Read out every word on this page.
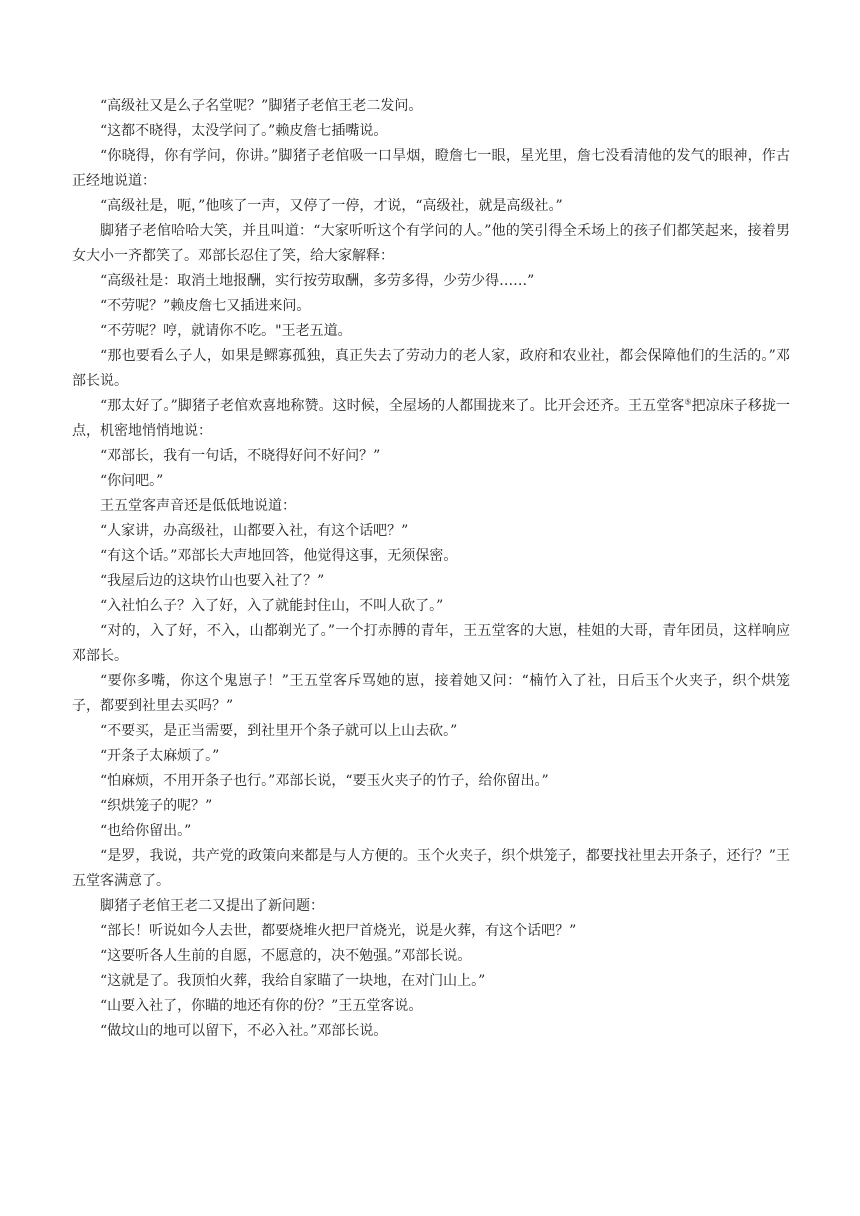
“高级社又是么子名堂呢？”脚猪子老倌王老二发问。

“这都不晓得，太没学问了。”赖皮詹七插嘴说。

“你晓得，你有学问，你讲。”脚猪子老倌吸一口旱烟，瞪詹七一眼，星光里，詹七没看清他的发气的眼神，作古正经地说道：

“高级社是，呃，”他咳了一声，又停了一停，才说，“高级社，就是高级社。”

脚猪子老倌哈哈大笑，并且叫道：“大家听听这个有学问的人。”他的笑引得全禾场上的孩子们都笑起来，接着男女大小一齐都笑了。邓部长忍住了笑，给大家解释：

“高级社是：取消土地报酬，实行按劳取酬，多劳多得，少劳少得……”

“不劳呢？”赖皮詹七又插进来问。

“不劳呢？哼，就请你不吃。"王老五道。

“那也要看么子人，如果是鳏寡孤独，真正失去了劳动力的老人家，政府和农业社，都会保障他们的生活的。”邓部长说。

“那太好了。”脚猪子老倌欢喜地称赞。这时候，全屋场的人都围拢来了。比开会还齐。王五堂客⑤把凉床子移拢一点，机密地悄悄地说：

“邓部长，我有一句话，不晓得好问不好问？”

“你问吧。”

王五堂客声音还是低低地说道：

“人家讲，办高级社，山都要入社，有这个话吧？”

“有这个话。”邓部长大声地回答，他觉得这事，无须保密。

“我屋后边的这块竹山也要入社了？”

“入社怕么子？入了好，入了就能封住山，不叫人砍了。”

“对的，入了好，不入，山都剃光了。”一个打赤膊的青年，王五堂客的大崽，桂姐的大哥，青年团员，这样响应邓部长。

“要你多嘴，你这个鬼崽子！”王五堂客斥骂她的崽，接着她又问：“楠竹入了社，日后玉个火夹子，织个烘笼子，都要到社里去买吗？”

“不要买，是正当需要，到社里开个条子就可以上山去砍。”

“开条子太麻烦了。”

“怕麻烦，不用开条子也行。”邓部长说，“要玉火夹子的竹子，给你留出。”

“织烘笼子的呢？”

“也给你留出。”

“是罗，我说，共产党的政策向来都是与人方便的。玉个火夹子，织个烘笼子，都要找社里去开条子，还行？”王五堂客满意了。

脚猪子老倌王老二又提出了新问题：

“部长！听说如今人去世，都要烧堆火把尸首烧光，说是火葬，有这个话吧？”

“这要听各人生前的自愿，不愿意的，决不勉强。”邓部长说。

“这就是了。我顶怕火葬，我给自家瞄了一块地，在对门山上。”

“山要入社了，你瞄的地还有你的份？”王五堂客说。

“做坟山的地可以留下，不必入社。”邓部长说。
